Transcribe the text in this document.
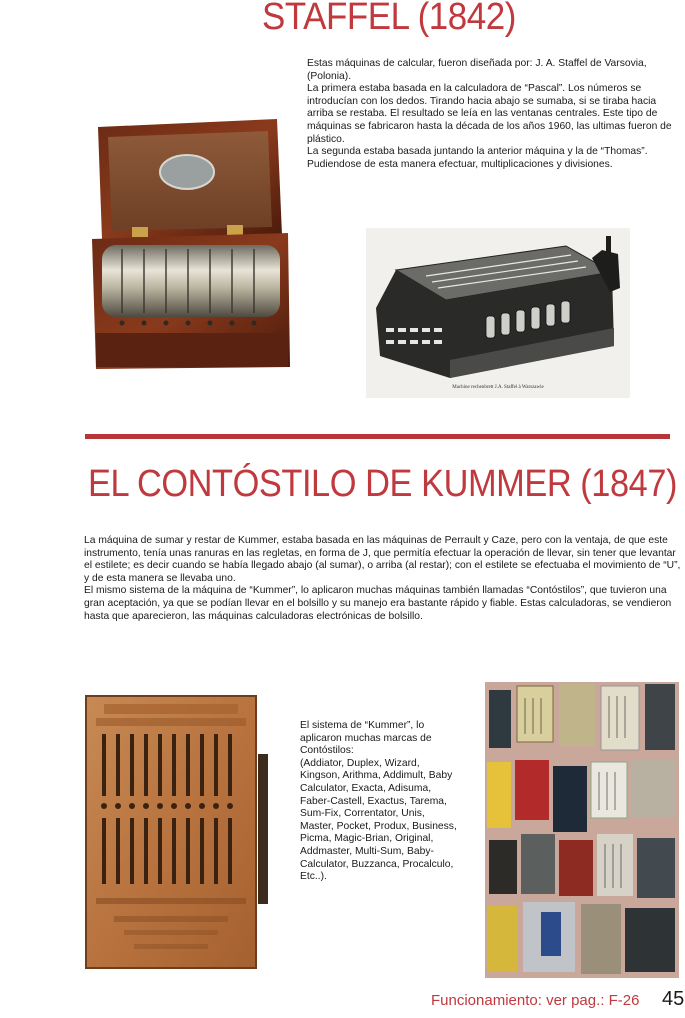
STAFFEL (1842)
Estas máquinas de calcular, fueron diseñada por: J. A. Staffel de Varsovia, (Polonia).
La primera estaba basada en la calculadora de “Pascal”. Los números se introducían con los dedos. Tirando hacia abajo se sumaba, si se tiraba hacia arriba se restaba. El resultado se leía en las ventanas centrales. Este tipo de máquinas se fabricaron hasta la década de los años 1960, las ultimas fueron de plástico.
La segunda estaba basada juntando la anterior máquina y la de “Thomas”. Pudiendose de esta manera efectuar, multiplicaciones y divisiones.
Machine rechenbrett J.A. Staffel à Warszawie
EL CONTÓSTILO DE KUMMER (1847)
La máquina de sumar y restar de Kummer, estaba basada en las máquinas de Perrault y Caze, pero con la ventaja, de que este instrumento, tenía unas ranuras en las regletas, en forma de J, que permitía efectuar la operación de llevar, sin tener que levantar el estilete; es decir cuando se había llegado abajo (al sumar), o arriba (al restar); con el estilete se efectuaba el movimiento de “U”, y de esta manera se llevaba uno.
El mismo sistema de la máquina de “Kummer”, lo aplicaron muchas máquinas también llamadas “Contóstilos”, que tuvieron una gran aceptación, ya que se podían llevar en el bolsillo y su manejo era bastante rápido y fiable. Estas calculadoras, se vendieron hasta que aparecieron, las máquinas calculadoras electrónicas de bolsillo.
El sistema de “Kummer”, lo aplicaron muchas marcas de Contóstilos:
(Addiator, Duplex, Wizard, Kingson, Arithma, Addimult, Baby Calculator, Exacta, Adisuma, Faber-Castell, Exactus, Tarema, Sum-Fix, Correntator, Unis, Master, Pocket, Produx, Business, Picma, Magic-Brian, Original, Addmaster, Multi-Sum, Baby-Calculator, Buzzanca, Procalculo, Etc..).
Funcionamiento: ver pag.: F-26 45
